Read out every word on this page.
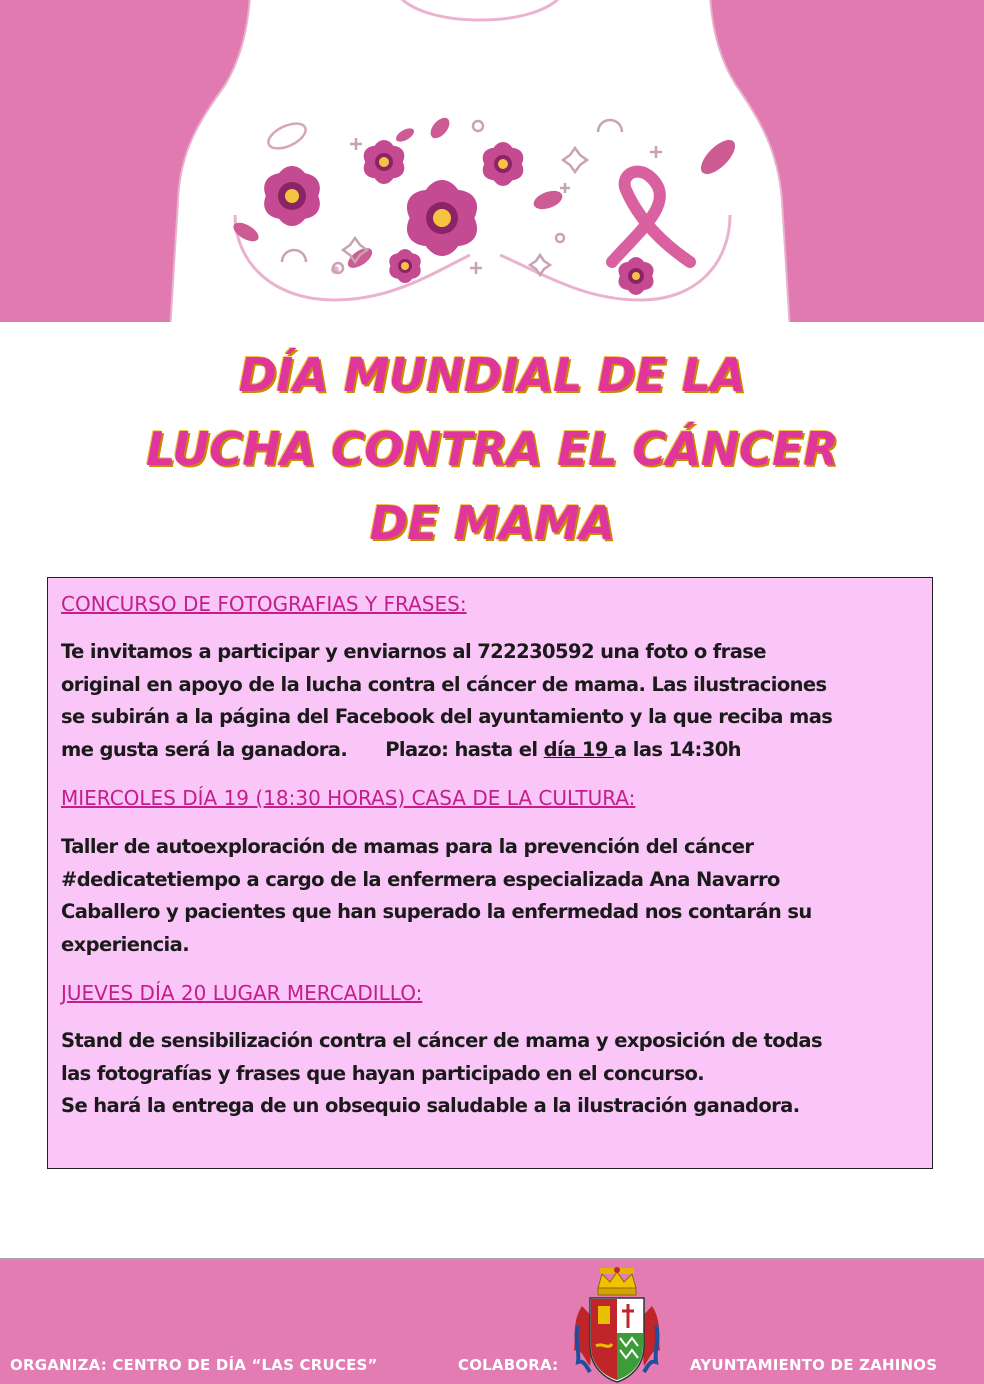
DÍA MUNDIAL DE LA
LUCHA CONTRA EL CÁNCER
DE MAMA
CONCURSO DE FOTOGRAFIAS Y FRASES:
Te invitamos a participar y enviarnos al 722230592 una foto o frase
original en apoyo de la lucha contra el cáncer de mama. Las ilustraciones
se subirán a la página del Facebook del ayuntamiento y la que reciba mas
me gusta será la ganadora. Plazo: hasta el día 19 a las 14:30h
MIERCOLES DÍA 19 (18:30 HORAS) CASA DE LA CULTURA:
Taller de autoexploración de mamas para la prevención del cáncer
#dedicatetiempo a cargo de la enfermera especializada Ana Navarro
Caballero y pacientes que han superado la enfermedad nos contarán su
experiencia.
JUEVES DÍA 20 LUGAR MERCADILLO:
Stand de sensibilización contra el cáncer de mama y exposición de todas
las fotografías y frases que hayan participado en el concurso.
Se hará la entrega de un obsequio saludable a la ilustración ganadora.
ORGANIZA: CENTRO DE DÍA “LAS CRUCES”	COLABORA:	AYUNTAMIENTO DE ZAHINOS
